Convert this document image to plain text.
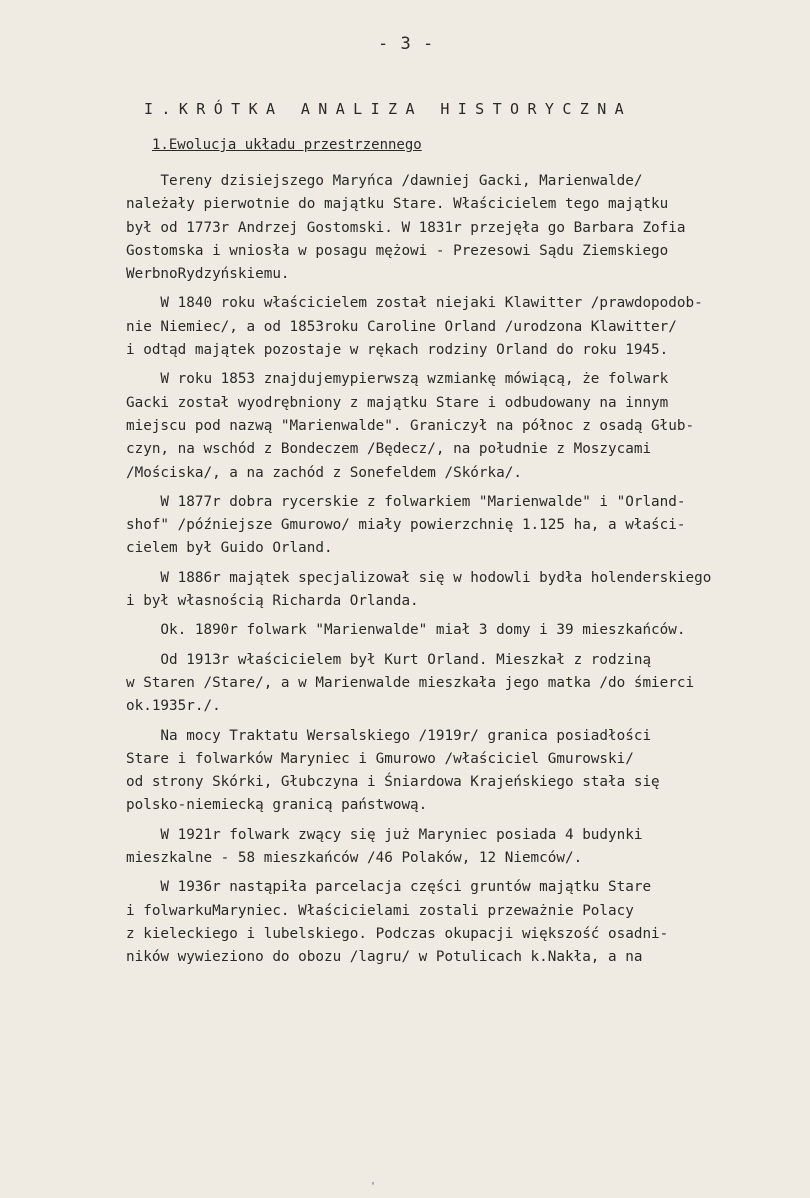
- 3 -
I.KRÓTKA ANALIZA HISTORYCZNA
1.Ewolucja układu przestrzennego
Tereny dzisiejszego Maryńca /dawniej Gacki, Marienwalde/
należały pierwotnie do majątku Stare. Właścicielem tego majątku
był od 1773r Andrzej Gostomski. W 1831r przejęła go Barbara Zofia
Gostomska i wniosła w posagu mężowi - Prezesowi Sądu Ziemskiego
WerbnoRydzyńskiemu.
W 1840 roku właścicielem został niejaki Klawitter /prawdopodob-
nie Niemiec/, a od 1853roku Caroline Orland /urodzona Klawitter/
i odtąd majątek pozostaje w rękach rodziny Orland do roku 1945.
W roku 1853 znajdujemypierwszą wzmiankę mówiącą, że folwark
Gacki został wyodrębniony z majątku Stare i odbudowany na innym
miejscu pod nazwą "Marienwalde". Graniczył na północ z osadą Głub-
czyn, na wschód z Bondeczem /Będecz/, na południe z Moszycami
/Mościska/, a na zachód z Sonefeldem /Skórka/.
W 1877r dobra rycerskie z folwarkiem "Marienwalde" i "Orland-
shof" /późniejsze Gmurowo/ miały powierzchnię 1.125 ha, a właści-
cielem był Guido Orland.
W 1886r majątek specjalizował się w hodowli bydła holenderskiego
i był własnością Richarda Orlanda.
Ok. 1890r folwark "Marienwalde" miał 3 domy i 39 mieszkańców.
Od 1913r właścicielem był Kurt Orland. Mieszkał z rodziną
w Staren /Stare/, a w Marienwalde mieszkała jego matka /do śmierci
ok.1935r./.
Na mocy Traktatu Wersalskiego /1919r/ granica posiadłości
Stare i folwarków Maryniec i Gmurowo /właściciel Gmurowski/
od strony Skórki, Głubczyna i Śniardowa Krajeńskiego stała się
polsko-niemiecką granicą państwową.
W 1921r folwark zwący się już Maryniec posiada 4 budynki
mieszkalne - 58 mieszkańców /46 Polaków, 12 Niemców/.
W 1936r nastąpiła parcelacja części gruntów majątku Stare
i folwarkuMaryniec. Właścicielami zostali przeważnie Polacy
z kieleckiego i lubelskiego. Podczas okupacji większość osadni-
ników wywieziono do obozu /lagru/ w Potulicach k.Nakła, a na
'
